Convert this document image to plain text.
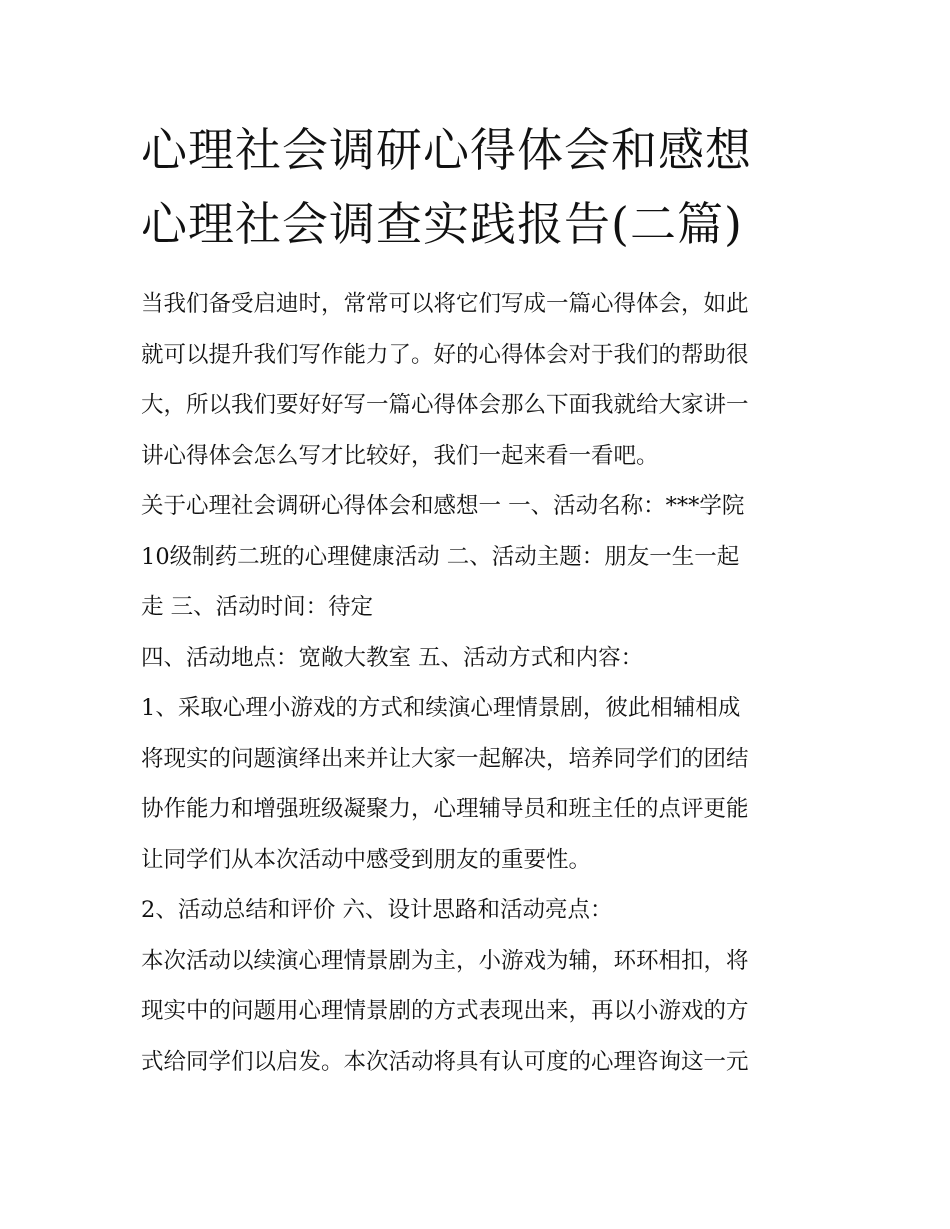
心理社会调研心得体会和感想
心理社会调查实践报告(二篇)

当我们备受启迪时，常常可以将它们写成一篇心得体会，如此
就可以提升我们写作能力了。好的心得体会对于我们的帮助很
大，所以我们要好好写一篇心得体会那么下面我就给大家讲一
讲心得体会怎么写才比较好，我们一起来看一看吧。

关于心理社会调研心得体会和感想一 一、活动名称：***学院
10级制药二班的心理健康活动 二、活动主题：朋友一生一起
走 三、活动时间：待定

四、活动地点：宽敞大教室 五、活动方式和内容：

1、采取心理小游戏的方式和续演心理情景剧，彼此相辅相成
将现实的问题演绎出来并让大家一起解决，培养同学们的团结
协作能力和增强班级凝聚力，心理辅导员和班主任的点评更能
让同学们从本次活动中感受到朋友的重要性。

2、活动总结和评价 六、设计思路和活动亮点：

本次活动以续演心理情景剧为主，小游戏为辅，环环相扣，将
现实中的问题用心理情景剧的方式表现出来，再以小游戏的方
式给同学们以启发。本次活动将具有认可度的心理咨询这一元
